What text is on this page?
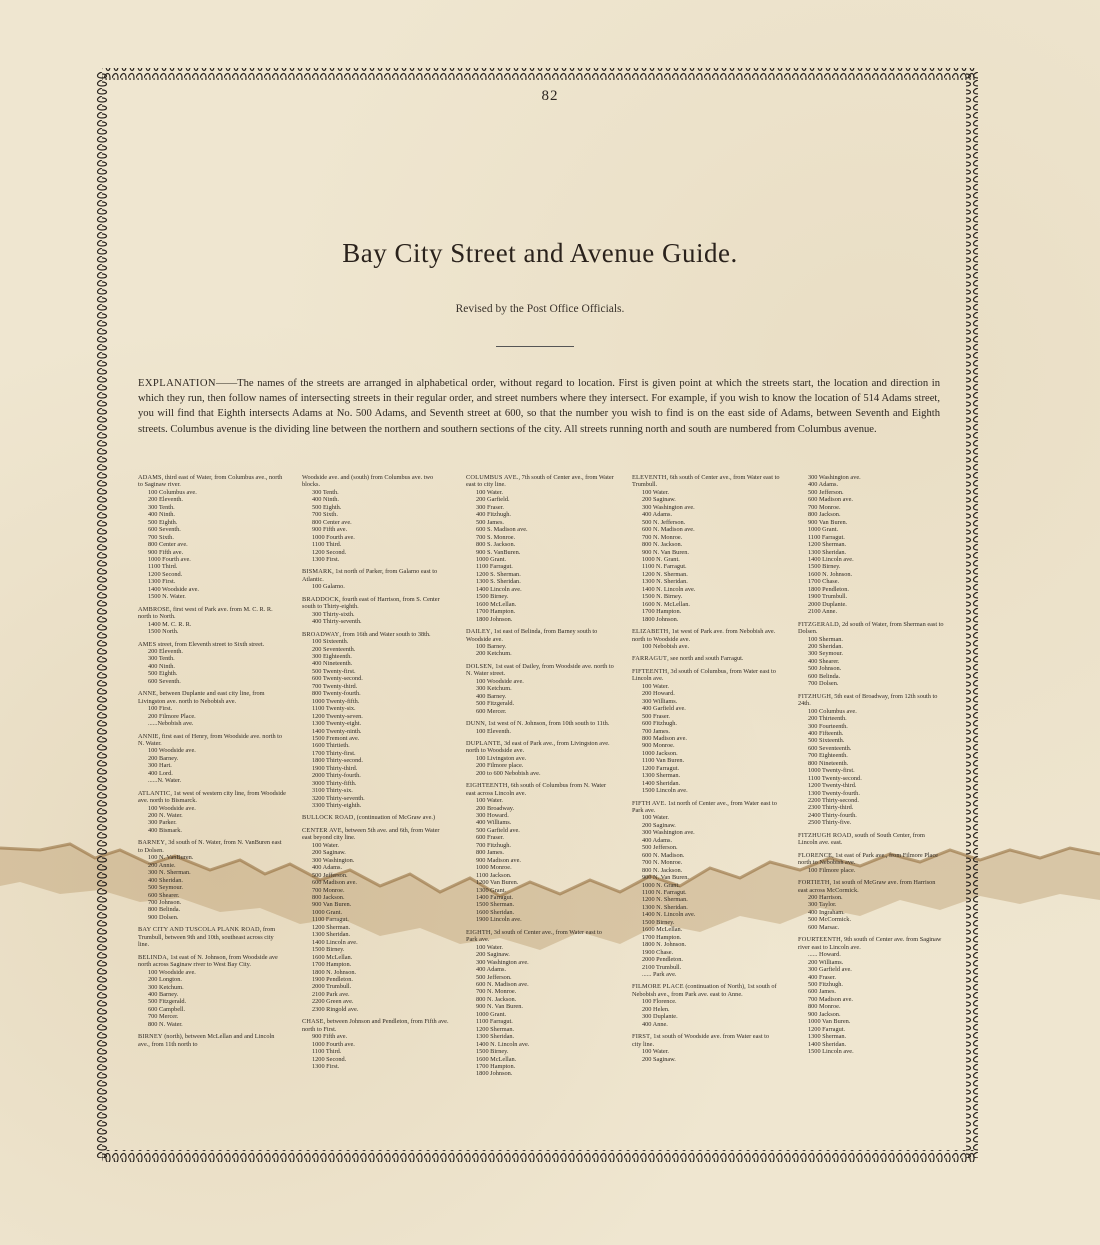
82
Bay City Street and Avenue Guide.
Revised by the Post Office Officials.
EXPLANATION——The names of the streets are arranged in alphabetical order, without regard to location. First is given point at which the streets start, the location and direction in which they run, then follow names of intersecting streets in their regular order, and street numbers where they intersect. For example, if you wish to know the location of 514 Adams street, you will find that Eighth intersects Adams at No. 500 Adams, and Seventh street at 600, so that the number you wish to find is on the east side of Adams, between Seventh and Eighth streets. Columbus avenue is the dividing line between the northern and southern sections of the city. All streets running north and south are numbered from Columbus avenue.
ADAMS, third east of Water, from Columbus ave., north to Saginaw river.
100 Columbus ave.
200 Eleventh.
300 Tenth.
400 Ninth.
500 Eighth.
600 Seventh.
700 Sixth.
800 Center ave.
900 Fifth ave.
1000 Fourth ave.
1100 Third.
1200 Second.
1300 First.
1400 Woodside ave.
1500 N. Water.
AMBROSE, first west of Park ave. from M. C. R. R. north to North.
1400 M. C. R. R.
1500 North.
AMES street, from Eleventh street to Sixth street.
200 Eleventh.
300 Tenth.
400 Ninth.
500 Eighth.
600 Seventh.
ANNE, between Duplante and east city line, from Livingston ave. north to Nebobish ave.
100 First.
200 Filmore Place.
......Nebobish ave.
ANNIE, first east of Henry, from Woodside ave. north to N. Water.
100 Woodside ave.
200 Barney.
300 Hart.
400 Lord.
......N. Water.
ATLANTIC, 1st west of western city line, from Woodside ave. north to Bismarck.
100 Woodside ave.
200 N. Water.
300 Parker.
400 Bismark.
BARNEY, 3d south of N. Water, from N. VanBuren east to Dolsen.
100 N. VanBuren.
200 Annie.
300 N. Sherman.
400 Sheridan.
500 Seymour.
600 Shearer.
700 Johnson.
800 Belinda.
900 Dolsen.
BAY CITY AND TUSCOLA PLANK ROAD, from Trumbull, between 9th and 10th, southeast across city line.
BELINDA, 1st east of N. Johnson, from Woodside ave north across Saginaw river to West Bay City.
100 Woodside ave.
200 Longton.
300 Ketchum.
400 Barney.
500 Fitzgerald.
600 Campbell.
700 Mercer.
800 N. Water.
BIRNEY (north), between McLellan and and Lincoln ave., from 11th north to
Woodside ave. and (south) from Columbus ave. two blocks.
300 Tenth.
400 Ninth.
500 Eighth.
700 Sixth.
800 Center ave.
900 Fifth ave.
1000 Fourth ave.
1100 Third.
1200 Second.
1300 First.
BISMARK, 1st north of Parker, from Galarno east to Atlantic.
100 Galarno.
BRADDOCK, fourth east of Harrison, from S. Center south to Thirty-eighth.
300 Thirty-sixth.
400 Thirty-seventh.
BROADWAY, from 16th and Water south to 38th.
100 Sixteenth.
200 Seventeenth.
300 Eighteenth.
400 Nineteenth.
500 Twenty-first.
600 Twenty-second.
700 Twenty-third.
800 Twenty-fourth.
1000 Twenty-fifth.
1100 Twenty-six.
1200 Twenty-seven.
1300 Twenty-eight.
1400 Twenty-ninth.
1500 Fremont ave.
1600 Thirtieth.
1700 Thirty-first.
1800 Thirty-second.
1900 Thirty-third.
2000 Thirty-fourth.
3000 Thirty-fifth.
3100 Thirty-six.
3200 Thirty-seventh.
3300 Thirty-eighth.
BULLOCK ROAD, (continuation of McGraw ave.)
CENTER AVE, between 5th ave. and 6th, from Water east beyond city line.
100 Water.
200 Saginaw.
300 Washington.
400 Adams.
500 Jefferson.
600 Madison ave.
700 Monroe.
800 Jackson.
900 Van Buren.
1000 Grant.
1100 Farragut.
1200 Sherman.
1300 Sheridan.
1400 Lincoln ave.
1500 Birney.
1600 McLellan.
1700 Hampton.
1800 N. Johnson.
1900 Pendleton.
2000 Trumbull.
2100 Park ave.
2200 Green ave.
2300 Ringold ave.
CHASE, between Johnson and Pendleton, from Fifth ave. north to First.
900 Fifth ave.
1000 Fourth ave.
1100 Third.
1200 Second.
1300 First.
COLUMBUS AVE., 7th south of Center ave., from Water east to city line.
100 Water.
200 Garfield.
300 Fraser.
400 Fitzhugh.
500 James.
600 S. Madison ave.
700 S. Monroe.
800 S. Jackson.
900 S. VanBuren.
1000 Grant.
1100 Farragut.
1200 S. Sherman.
1300 S. Sheridan.
1400 Lincoln ave.
1500 Birney.
1600 McLellan.
1700 Hampton.
1800 Johnson.
DAILEY, 1st east of Belinda, from Barney south to Woodside ave.
100 Barney.
200 Ketchum.
DOLSEN, 1st east of Dailey, from Woodside ave. north to N. Water street.
100 Woodside ave.
300 Ketchum.
400 Barney.
500 Fitzgerald.
600 Mercer.
DUNN, 1st west of N. Johnson, from 10th south to 11th.
100 Eleventh.
DUPLANTE, 3d east of Park ave., from Livingston ave. north to Woodside ave.
100 Livingston ave.
200 Filmore place.
200 to 600 Nebobish ave.
EIGHTEENTH, 6th south of Columbus from N. Water east across Lincoln ave.
100 Water.
200 Broadway.
300 Howard.
400 Williams.
500 Garfield ave.
600 Fraser.
700 Fitzhugh.
800 James.
900 Madison ave.
1000 Monroe.
1100 Jackson.
1200 Van Buren.
1300 Grant.
1400 Farragut.
1500 Sherman.
1600 Sheridan.
1900 Lincoln ave.
EIGHTH, 3d south of Center ave., from Water east to Park ave.
100 Water.
200 Saginaw.
300 Washington ave.
400 Adams.
500 Jefferson.
600 N. Madison ave.
700 N. Monroe.
800 N. Jackson.
900 N. Van Buren.
1000 Grant.
1100 Farragut.
1200 Sherman.
1300 Sheridan.
1400 N. Lincoln ave.
1500 Birney.
1600 McLellan.
1700 Hampton.
1800 Johnson.
ELEVENTH, 6th south of Center ave., from Water east to Trumbull.
100 Water.
200 Saginaw.
300 Washington ave.
400 Adams.
500 N. Jefferson.
600 N. Madison ave.
700 N. Monroe.
800 N. Jackson.
900 N. Van Buren.
1000 N. Grant.
1100 N. Farragut.
1200 N. Sherman.
1300 N. Sheridan.
1400 N. Lincoln ave.
1500 N. Birney.
1600 N. McLellan.
1700 Hampton.
1800 Johnson.
ELIZABETH, 1st west of Park ave. from Nebobish ave. north to Woodside ave.
100 Nebobish ave.
FARRAGUT, see north and south Farragut.
FIFTEENTH, 3d south of Columbus, from Water east to Lincoln ave.
100 Water.
200 Howard.
300 Williams.
400 Garfield ave.
500 Fraser.
600 Fitzhugh.
700 James.
800 Madison ave.
900 Monroe.
1000 Jackson.
1100 Van Buren.
1200 Farragut.
1300 Sherman.
1400 Sheridan.
1500 Lincoln ave.
FIFTH AVE. 1st north of Center ave., from Water east to Park ave.
100 Water.
200 Saginaw.
300 Washington ave.
400 Adams.
500 Jefferson.
600 N. Madison.
700 N. Monroe.
800 N. Jackson.
900 N. Van Buren.
1000 N. Grant.
1100 N. Farragut.
1200 N. Sherman.
1300 N. Sheridan.
1400 N. Lincoln ave.
1500 Birney.
1600 McLellan.
1700 Hampton.
1800 N. Johnson.
1900 Chase.
2000 Pendleton.
2100 Trumbull.
...... Park ave.
FILMORE PLACE (continuation of North), 1st south of Nebobish ave., from Park ave. east to Anne.
100 Florence.
200 Helen.
300 Duplante.
400 Anne.
FIRST, 1st south of Woodside ave. from Water east to city line.
100 Water.
200 Saginaw.
300 Washington ave.
400 Adams.
500 Jefferson.
600 Madison ave.
700 Monroe.
800 Jackson.
900 Van Buren.
1000 Grant.
1100 Farragut.
1200 Sherman.
1300 Sheridan.
1400 Lincoln ave.
1500 Birney.
1600 N. Johnson.
1700 Chase.
1800 Pendleton.
1900 Trumbull.
2000 Duplante.
2100 Anne.
FITZGERALD, 2d south of Water, from Sherman east to Dolsen.
100 Sherman.
200 Sheridan.
300 Seymour.
400 Shearer.
500 Johnson.
600 Belinda.
700 Dolsen.
FITZHUGH, 5th east of Broadway, from 12th south to 24th.
100 Columbus ave.
200 Thirteenth.
300 Fourteenth.
400 Fifteenth.
500 Sixteenth.
600 Seventeenth.
700 Eighteenth.
800 Nineteenth.
1000 Twenty-first.
1100 Twenty-second.
1200 Twenty-third.
1300 Twenty-fourth.
2200 Thirty-second.
2300 Thirty-third.
2400 Thirty-fourth.
2500 Thirty-five.
FITZHUGH ROAD, south of South Center, from Lincoln ave. east.
FLORENCE, 1st east of Park ave., from Filmore Place north to Nebobish ave.
100 Filmore place.
FORTIETH, 1st south of McGraw ave. from Harrison east across McCormick.
200 Harrison.
300 Taylor.
400 Ingraham.
500 McCormick.
600 Marsac.
FOURTEENTH, 9th south of Center ave. from Saginaw river east to Lincoln ave.
...... Howard.
200 Williams.
300 Garfield ave.
400 Fraser.
500 Fitzhugh.
600 James.
700 Madison ave.
800 Monroe.
900 Jackson.
1000 Van Buren.
1200 Farragut.
1300 Sherman.
1400 Sheridan.
1500 Lincoln ave.
